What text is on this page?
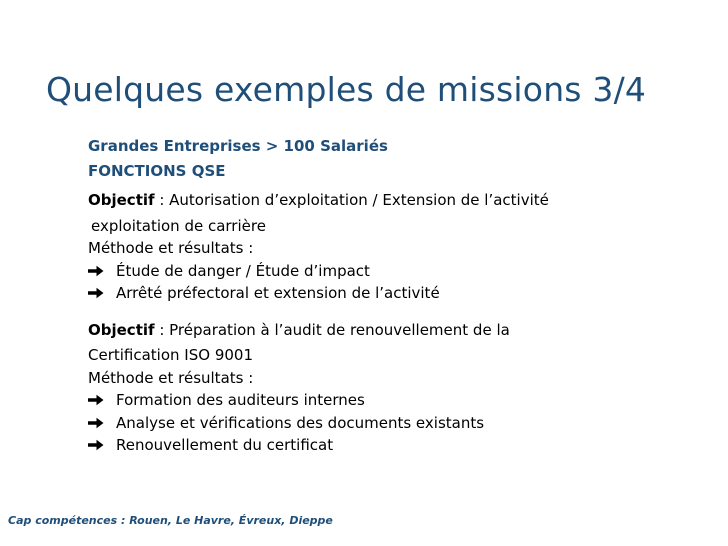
Quelques exemples de missions 3/4
Grandes Entreprises > 100 Salariés
FONCTIONS QSE
Objectif : Autorisation d’exploitation / Extension de l’activité
exploitation de carrière
Méthode et résultats :
Étude de danger / Étude d’impact
Arrêté préfectoral et extension de l’activité
Objectif : Préparation à l’audit de renouvellement de la
Certification ISO 9001
Méthode et résultats :
Formation des auditeurs internes
Analyse et vérifications des documents existants
Renouvellement du certificat
Cap compétences : Rouen, Le Havre, Évreux, Dieppe
